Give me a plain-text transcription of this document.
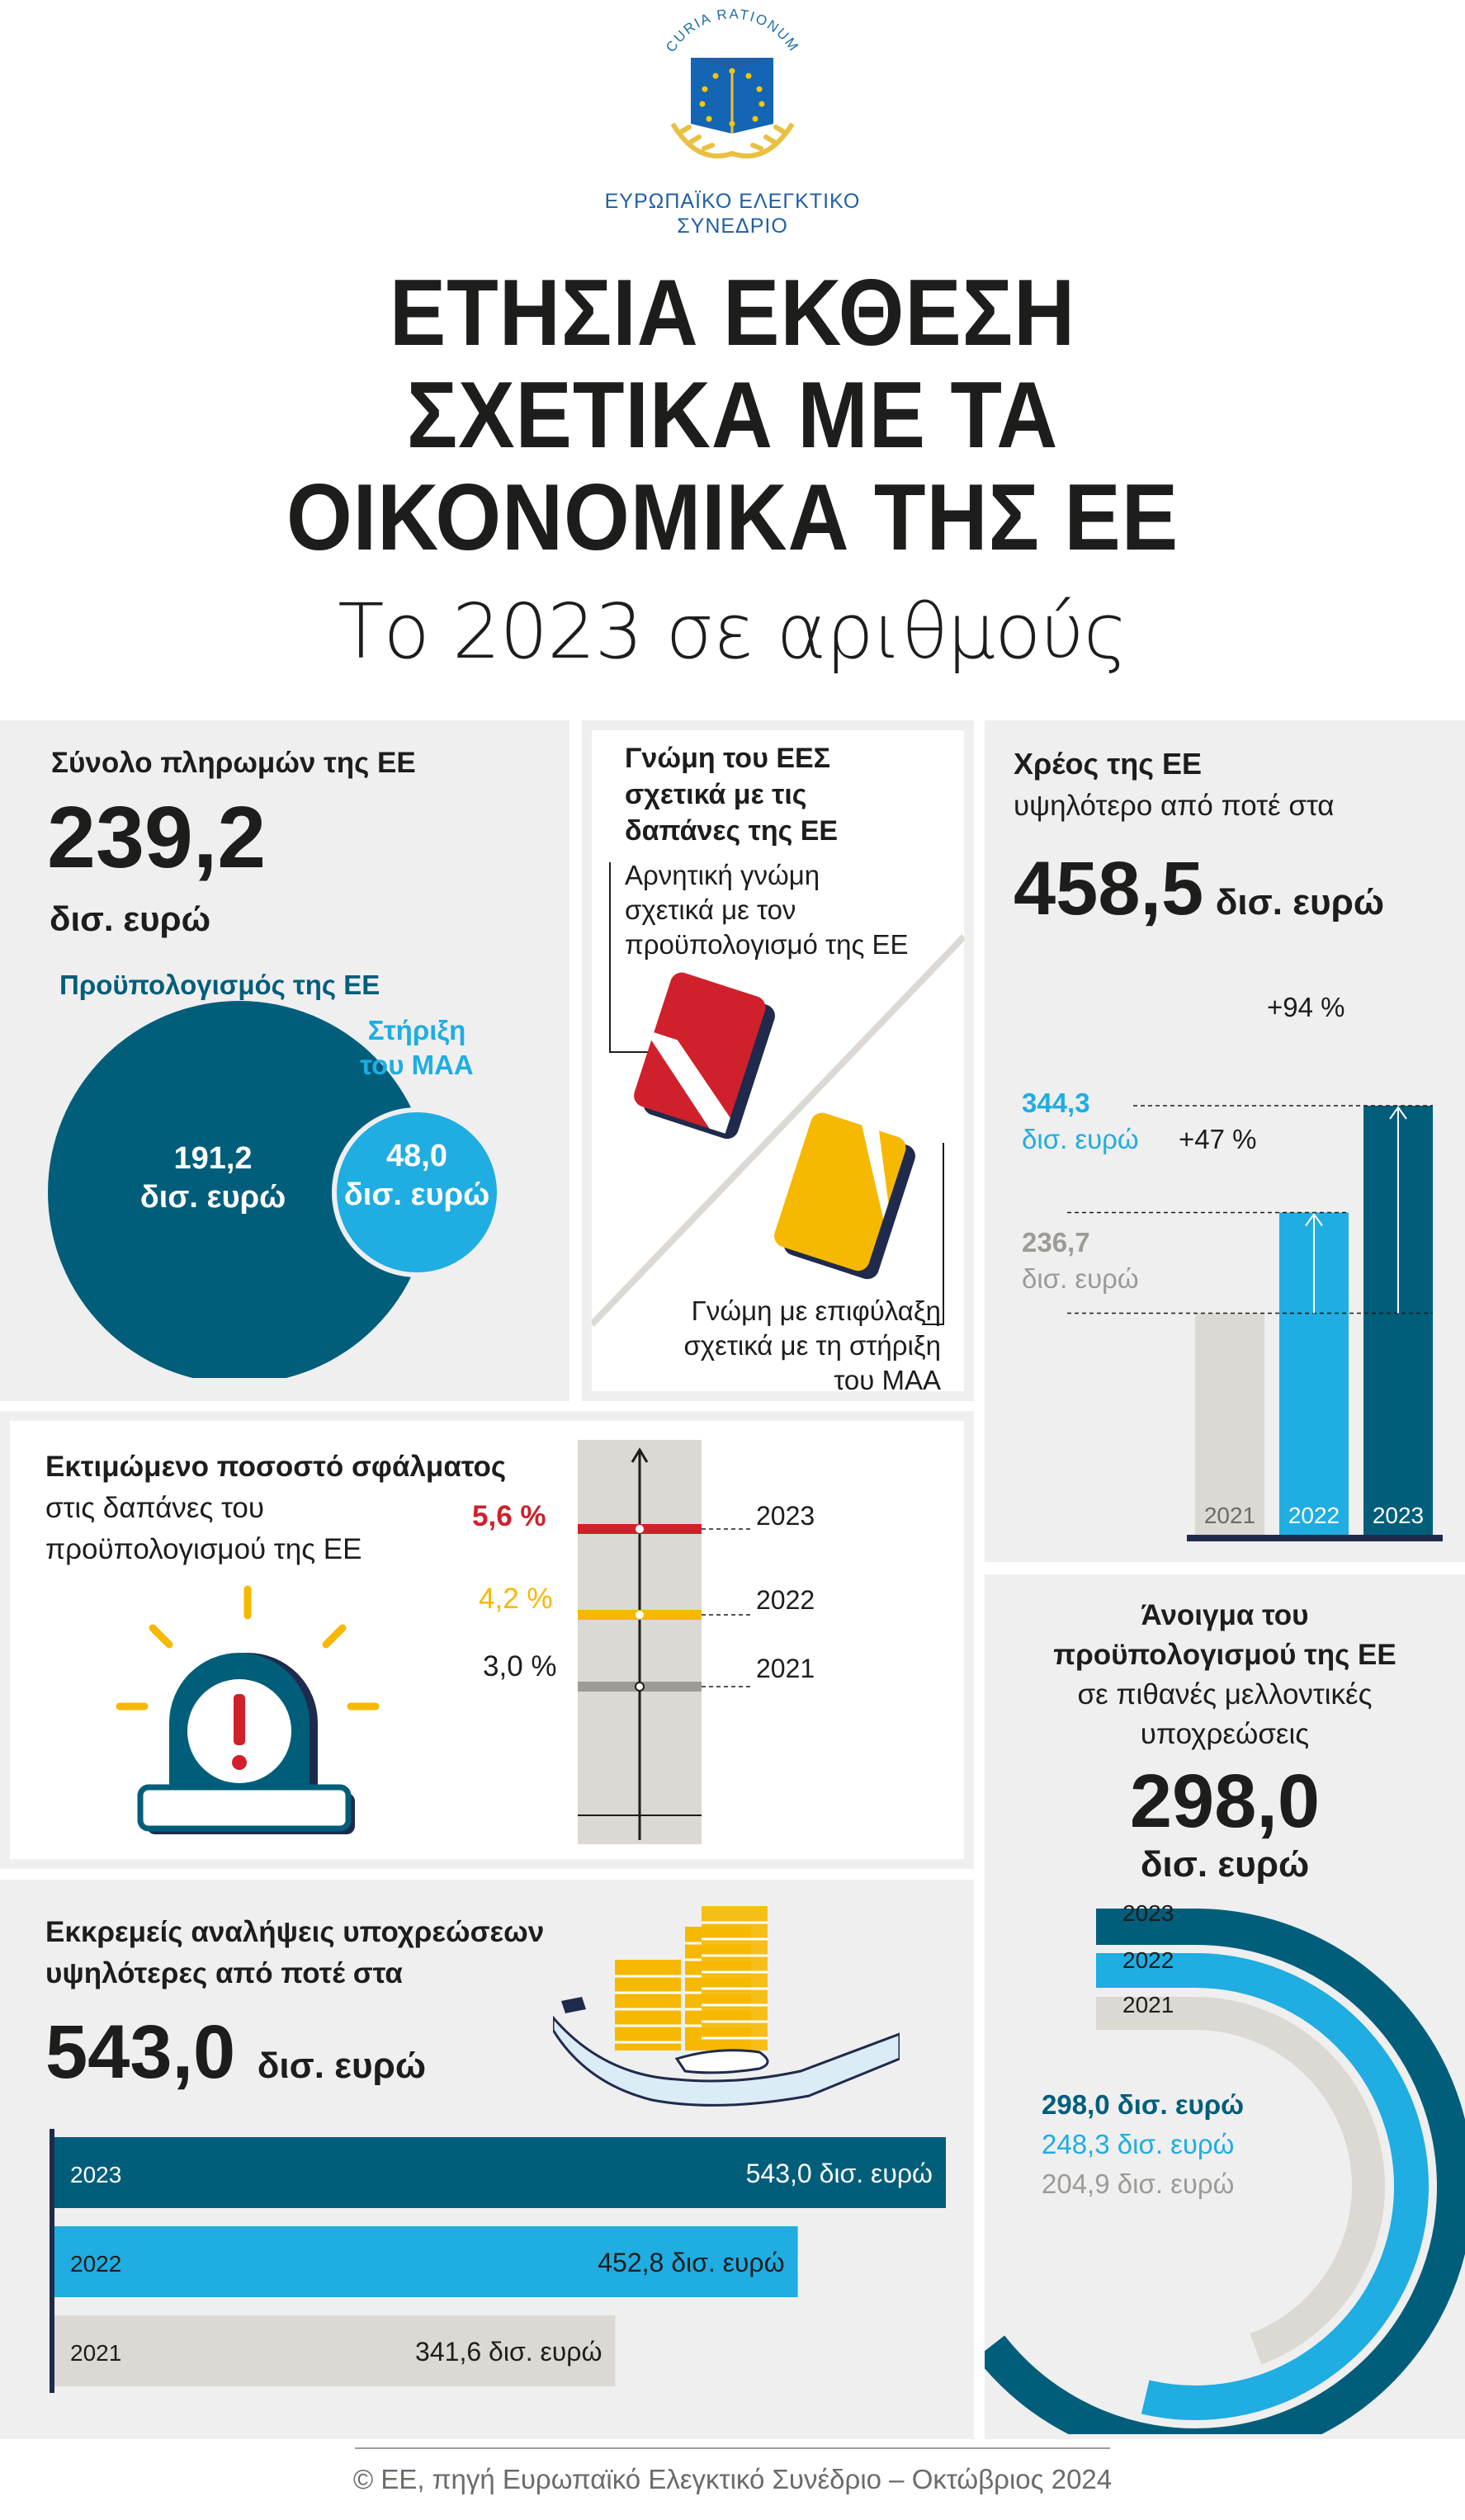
CURIA RATIONUM
ΕΥΡΩΠΑΪΚΟ ΕΛΕΓΚΤΙΚΟ
ΣΥΝΕΔΡΙΟ
ΕΤΗΣΙΑ ΕΚΘΕΣΗ
ΣΧΕΤΙΚΑ ΜΕ ΤΑ
ΟΙΚΟΝΟΜΙΚΑ ΤΗΣ ΕΕ
Το 2023 σε αριθμούς
Σύνολο πληρωμών της ΕΕ
239,2
δισ. ευρώ
Προϋπολογισμός της ΕΕ
191,2
δισ. ευρώ
Στήριξη
του ΜΑΑ
48,0
δισ. ευρώ
Γνώμη του ΕΕΣ
σχετικά με τις
δαπάνες της ΕΕ
Αρνητική γνώμη
σχετικά με τον
προϋπολογισμό της ΕΕ
Γνώμη με επιφύλαξη
σχετικά με τη στήριξη
του ΜΑΑ
Χρέος της ΕΕ
υψηλότερο από ποτέ στα
458,5 δισ. ευρώ
2021 2022 2023
344,3
δισ. ευρώ
236,7
δισ. ευρώ
+47 %
+94 %
Εκτιμώμενο ποσοστό σφάλματος
στις δαπάνες του
προϋπολογισμού της ΕΕ
5,6 %
4,2 %
3,0 %
2023
2022
2021
Εκκρεμείς αναλήψεις υποχρεώσεων
υψηλότερες από ποτέ στα
543,0 δισ. ευρώ
2023	543,0 δισ. ευρώ
2022	452,8 δισ. ευρώ
2021	341,6 δισ. ευρώ
Άνοιγμα του
προϋπολογισμού της ΕΕ
σε πιθανές μελλοντικές
υποχρεώσεις
298,0
δισ. ευρώ
2023
2022
2021
298,0 δισ. ευρώ
248,3 δισ. ευρώ
204,9 δισ. ευρώ
© ΕΕ, πηγή Ευρωπαϊκό Ελεγκτικό Συνέδριο – Οκτώβριος 2024
